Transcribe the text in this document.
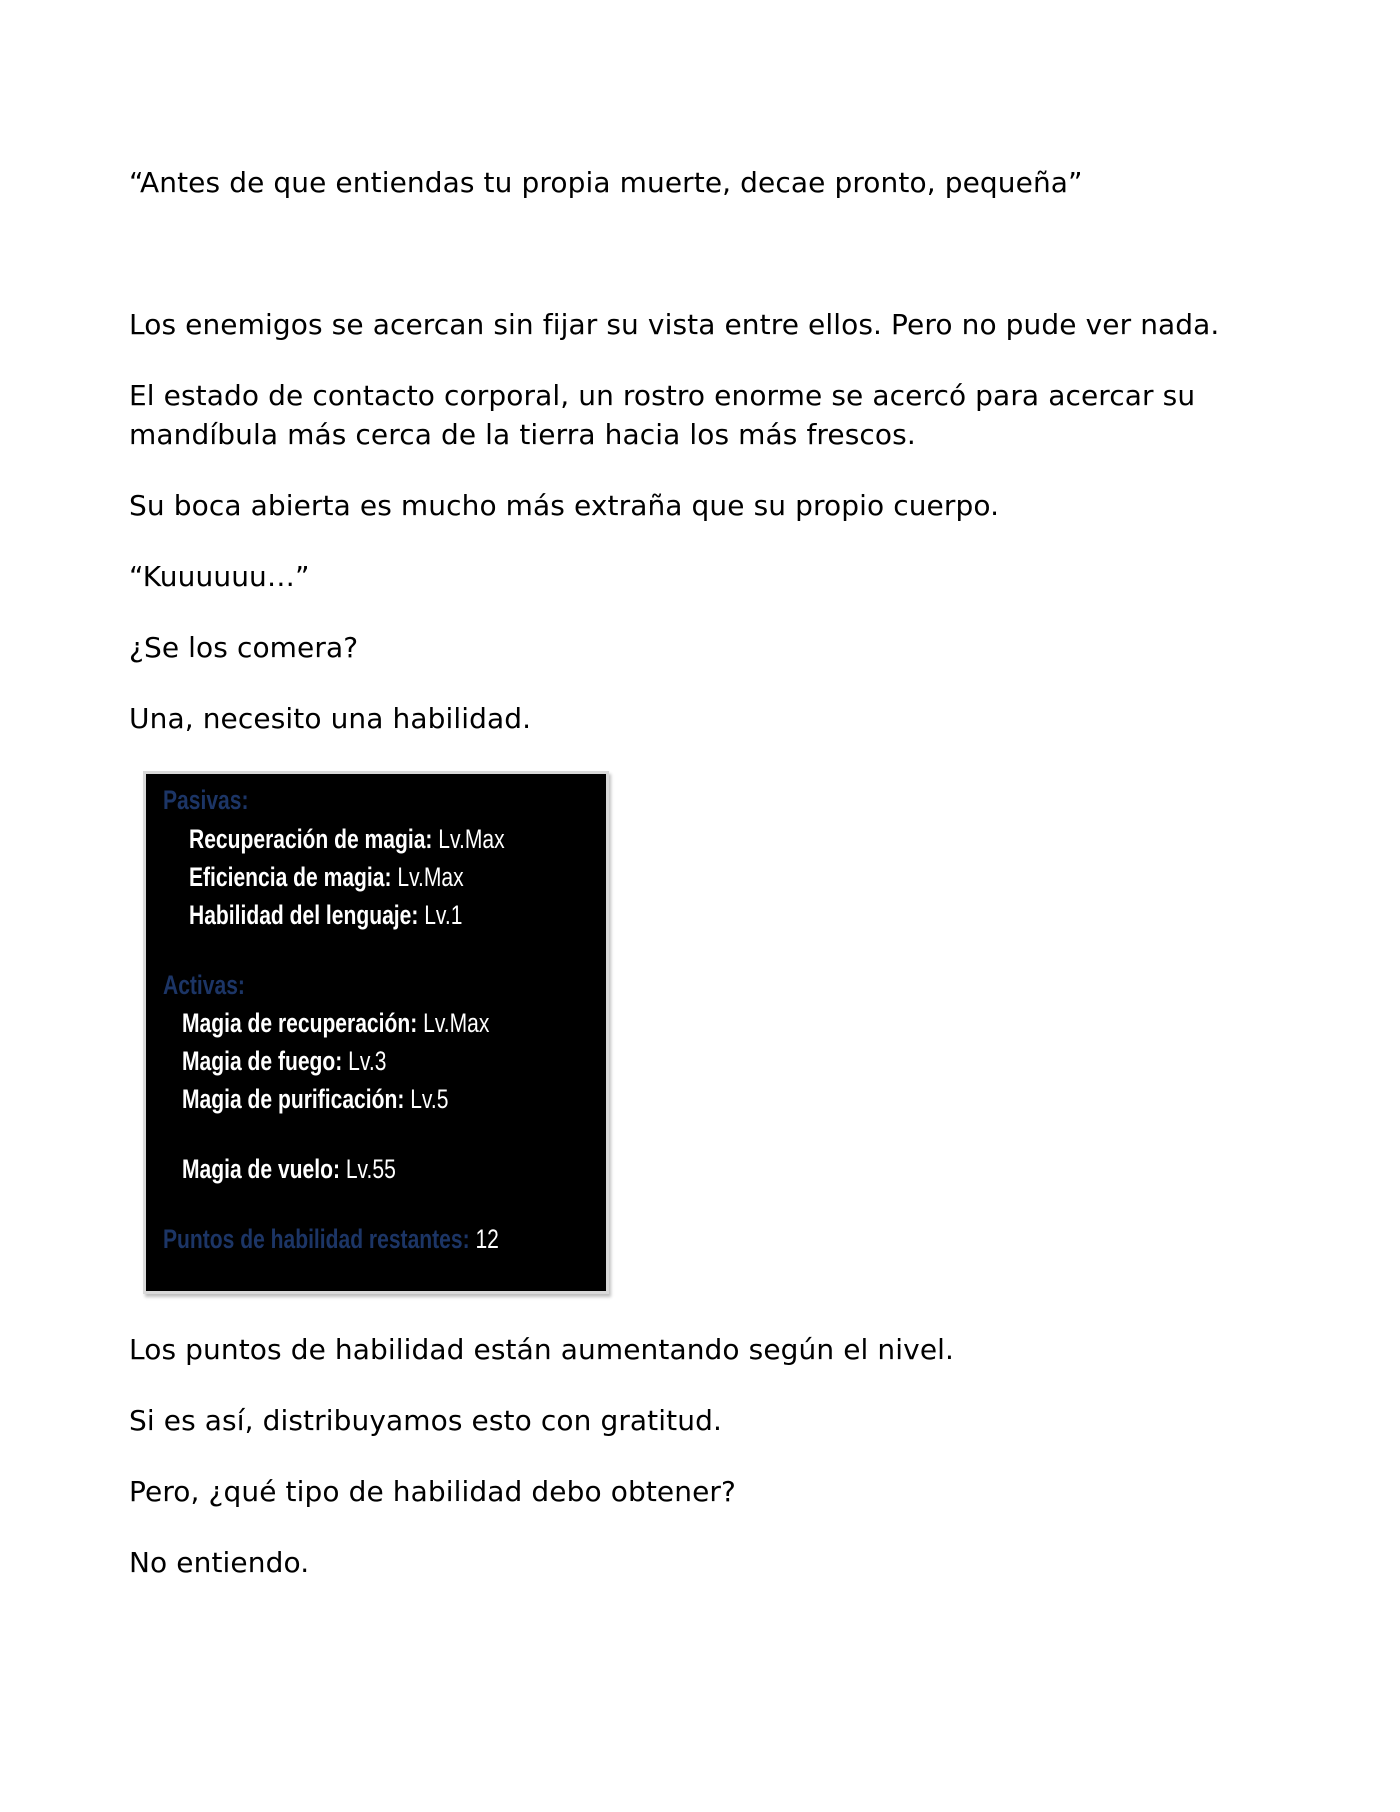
“Antes de que entiendas tu propia muerte, decae pronto, pequeña”

Los enemigos se acercan sin fijar su vista entre ellos. Pero no pude ver nada.

El estado de contacto corporal, un rostro enorme se acercó para acercar su mandíbula más cerca de la tierra hacia los más frescos.

Su boca abierta es mucho más extraña que su propio cuerpo.

“Kuuuuuu…”

¿Se los comera?

Una, necesito una habilidad.

Pasivas:
Recuperación de magia: Lv.Max
Eficiencia de magia: Lv.Max
Habilidad del lenguaje: Lv.1
Activas:
Magia de recuperación: Lv.Max
Magia de fuego: Lv.3
Magia de purificación: Lv.5
Magia de vuelo: Lv.55
Puntos de habilidad restantes: 12

Los puntos de habilidad están aumentando según el nivel.

Si es así, distribuyamos esto con gratitud.

Pero, ¿qué tipo de habilidad debo obtener?

No entiendo.
